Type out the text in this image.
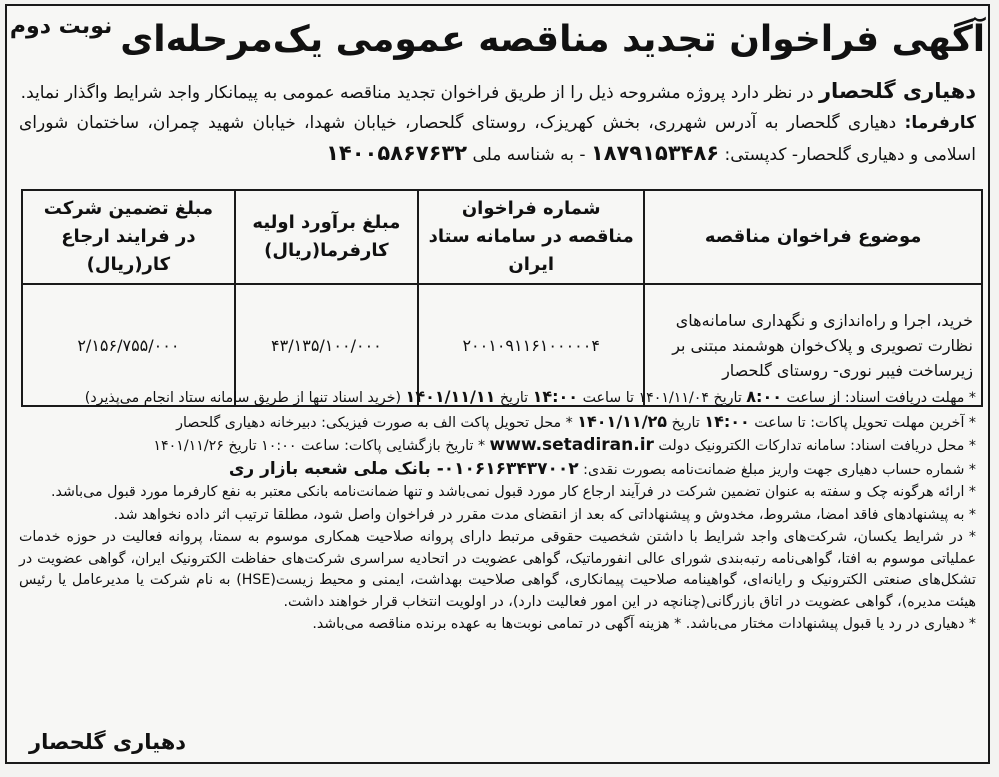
آگهی فراخوان تجدید مناقصه عمومی یک‌مرحله‌ای
نوبت دوم
دهیاری گلحصار در نظر دارد پروژه مشروحه ذیل را از طریق فراخوان تجدید مناقصه عمومی به پیمانکار واجد شرایط واگذار نماید.
کارفرما: دهیاری گلحصار به آدرس شهرری، بخش کهریزک، روستای گلحصار، خیابان شهدا، خیابان شهید چمران، ساختمان شورای اسلامی و دهیاری گلحصار- کدپستی: ۱۸۷۹۱۵۳۴۸۶ - به شناسه ملی ۱۴۰۰۵۸۶۷۶۳۲
موضوع فراخوان مناقصه	شماره فراخوان مناقصه در سامانه ستاد ایران	مبلغ برآورد اولیه کارفرما(ریال)	مبلغ تضمین شرکت در فرایند ارجاع کار(ریال)
خرید، اجرا و راه‌اندازی و نگهداری سامانه‌های نظارت تصویری و پلاک‌خوان هوشمند مبتنی بر زیرساخت فیبر نوری- روستای گلحصار	۲۰۰۱۰۹۱۱۶۱۰۰۰۰۰۴	۴۳/۱۳۵/۱۰۰/۰۰۰	۲/۱۵۶/۷۵۵/۰۰۰

* مهلت دریافت اسناد: از ساعت ۸:۰۰ تاریخ ۱۴۰۱/۱۱/۰۴ تا ساعت ۱۴:۰۰ تاریخ ۱۴۰۱/۱۱/۱۱ (خرید اسناد تنها از طریق سامانه ستاد انجام می‌پذیرد)

* آخرین مهلت تحویل پاکات: تا ساعت ۱۴:۰۰ تاریخ ۱۴۰۱/۱۱/۲۵ * محل تحویل پاکت الف به صورت فیزیکی: دبیرخانه دهیاری گلحصار

* محل دریافت اسناد: سامانه تدارکات الکترونیک دولت www.setadiran.ir * تاریخ بازگشایی پاکات: ساعت ۱۰:۰۰ تاریخ ۱۴۰۱/۱۱/۲۶

* شماره حساب دهیاری جهت واریز مبلغ ضمانت‌نامه بصورت نقدی: ۰۱۰۶۱۶۳۴۳۷۰۰۲- بانک ملی شعبه بازار ری

* ارائه هرگونه چک و سفته به عنوان تضمین شرکت در فرآیند ارجاع کار مورد قبول نمی‌باشد و تنها ضمانت‌نامه بانکی معتبر به نفع کارفرما مورد قبول می‌باشد.

* به پیشنهادهای فاقد امضا، مشروط، مخدوش و پیشنهاداتی که بعد از انقضای مدت مقرر در فراخوان واصل شود، مطلقا ترتیب اثر داده نخواهد شد.

* در شرایط یکسان، شرکت‌های واجد شرایط با داشتن شخصیت حقوقی مرتبط دارای پروانه صلاحیت همکاری موسوم به سمتا، پروانه فعالیت در حوزه خدمات عملیاتی موسوم به افتا، گواهی‌نامه رتبه‌بندی شورای عالی انفورماتیک، گواهی عضویت در اتحادیه سراسری شرکت‌های حفاظت الکترونیک ایران، گواهی عضویت در تشکل‌های صنعتی الکترونیک و رایانه‌ای، گواهینامه صلاحیت پیمانکاری، گواهی صلاحیت بهداشت، ایمنی و محیط زیست(HSE) به نام شرکت یا مدیرعامل یا رئیس هیئت مدیره)، گواهی عضویت در اتاق بازرگانی(چنانچه در این امور فعالیت دارد)، در اولویت انتخاب قرار خواهند داشت.

* دهیاری در رد یا قبول پیشنهادات مختار می‌باشد. * هزینه آگهی در تمامی نوبت‌ها به عهده برنده مناقصه می‌باشد.

دهیاری گلحصار
